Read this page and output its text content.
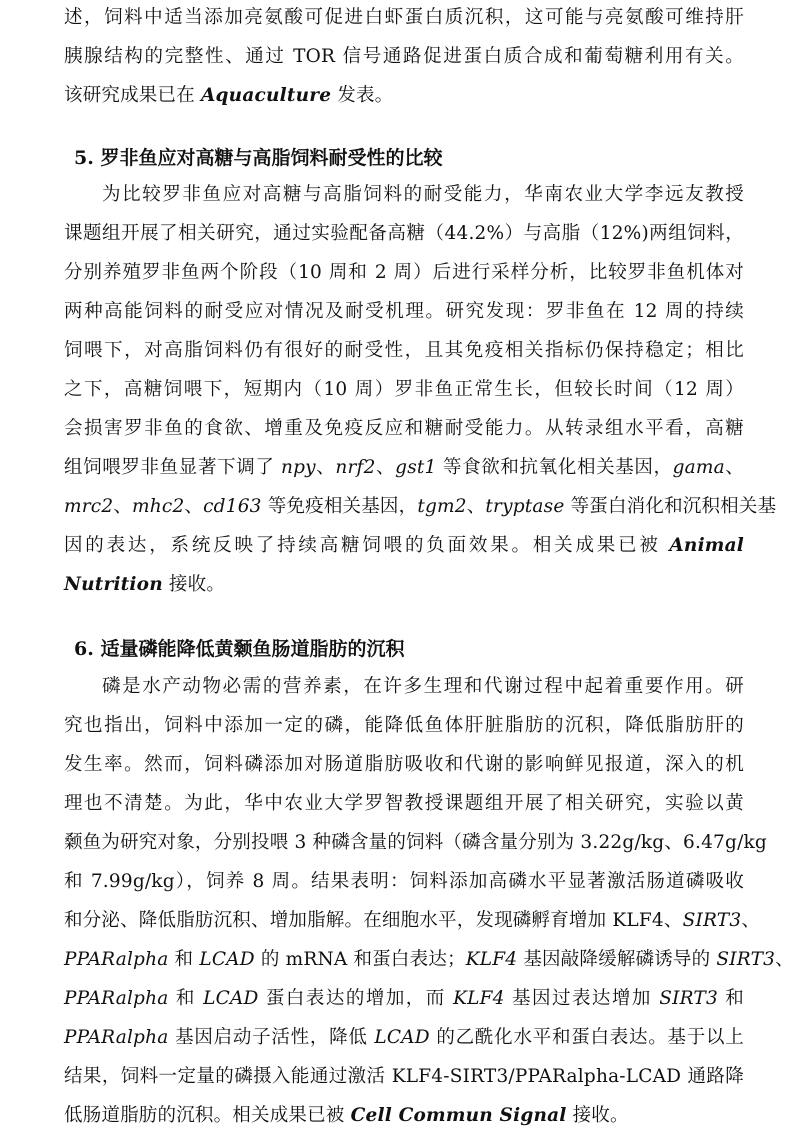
述，饲料中适当添加亮氨酸可促进白虾蛋白质沉积，这可能与亮氨酸可维持肝
胰腺结构的完整性、通过 TOR 信号通路促进蛋白质合成和葡萄糖利用有关。
该研究成果已在 Aquaculture 发表。
5. 罗非鱼应对高糖与高脂饲料耐受性的比较
为比较罗非鱼应对高糖与高脂饲料的耐受能力，华南农业大学李远友教授
课题组开展了相关研究，通过实验配备高糖（44.2%）与高脂（12%)两组饲料，
分别养殖罗非鱼两个阶段（10 周和 2 周）后进行采样分析，比较罗非鱼机体对
两种高能饲料的耐受应对情况及耐受机理。研究发现：罗非鱼在 12 周的持续
饲喂下，对高脂饲料仍有很好的耐受性，且其免疫相关指标仍保持稳定；相比
之下，高糖饲喂下，短期内（10 周）罗非鱼正常生长，但较长时间（12 周）
会损害罗非鱼的食欲、增重及免疫反应和糖耐受能力。从转录组水平看，高糖
组饲喂罗非鱼显著下调了 npy、nrf2、gst1 等食欲和抗氧化相关基因，gama、
mrc2、mhc2、cd163 等免疫相关基因，tgm2、tryptase 等蛋白消化和沉积相关基
因的表达，系统反映了持续高糖饲喂的负面效果。相关成果已被 Animal
Nutrition 接收。
6. 适量磷能降低黄颡鱼肠道脂肪的沉积
磷是水产动物必需的营养素，在许多生理和代谢过程中起着重要作用。研
究也指出，饲料中添加一定的磷，能降低鱼体肝脏脂肪的沉积，降低脂肪肝的
发生率。然而，饲料磷添加对肠道脂肪吸收和代谢的影响鲜见报道，深入的机
理也不清楚。为此，华中农业大学罗智教授课题组开展了相关研究，实验以黄
颡鱼为研究对象，分别投喂 3 种磷含量的饲料（磷含量分别为 3.22g/kg、6.47g/kg
和 7.99g/kg），饲养 8 周。结果表明：饲料添加高磷水平显著激活肠道磷吸收
和分泌、降低脂肪沉积、增加脂解。在细胞水平，发现磷孵育增加 KLF4、SIRT3、
PPARalpha 和 LCAD 的 mRNA 和蛋白表达；KLF4 基因敲降缓解磷诱导的 SIRT3、
PPARalpha 和 LCAD 蛋白表达的增加，而 KLF4 基因过表达增加 SIRT3 和
PPARalpha 基因启动子活性，降低 LCAD 的乙酰化水平和蛋白表达。基于以上
结果，饲料一定量的磷摄入能通过激活 KLF4-SIRT3/PPARalpha-LCAD 通路降
低肠道脂肪的沉积。相关成果已被 Cell Commun Signal 接收。
